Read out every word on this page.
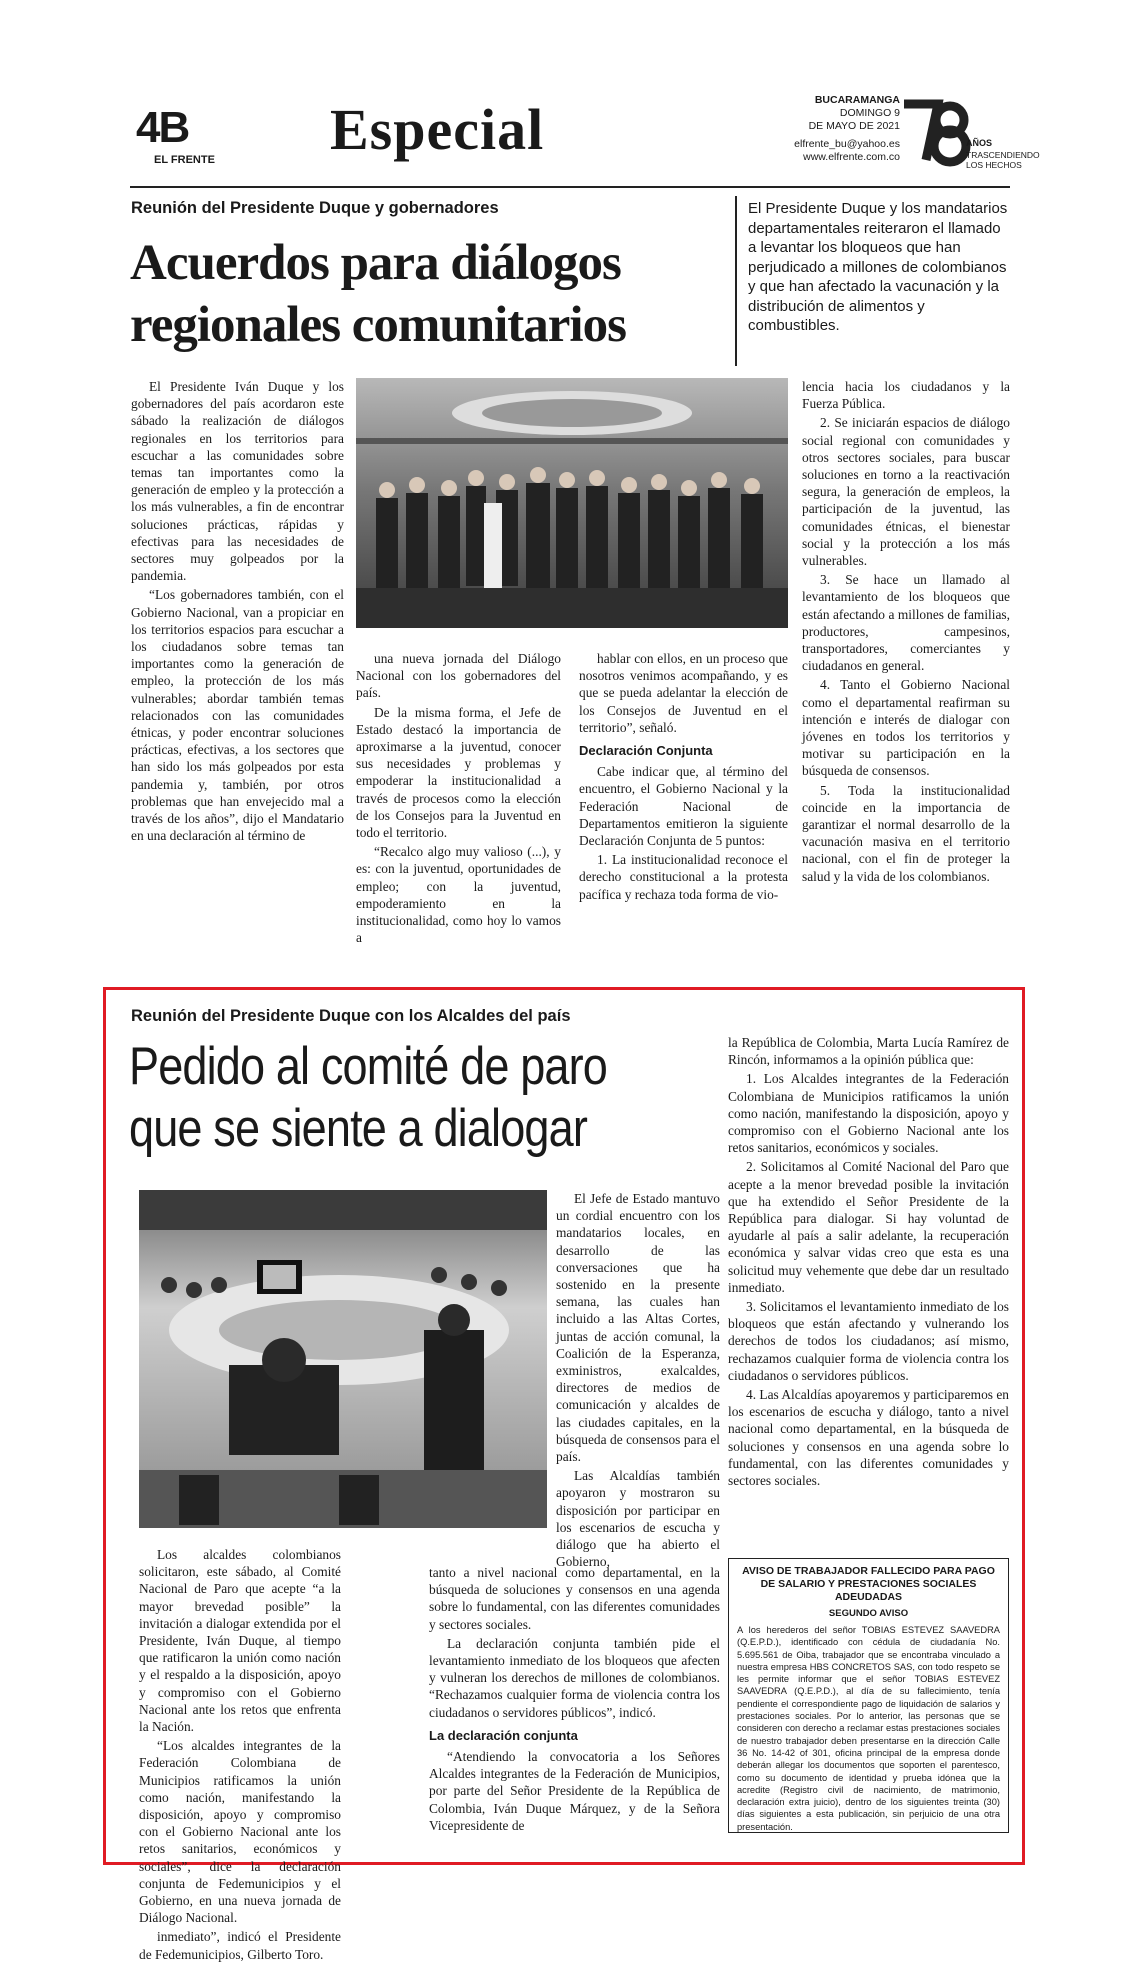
4B
EL FRENTE Especial	BUCARAMANGA
DOMINGO 9
DE MAYO DE 2021
elfrente_bu@yahoo.es
www.elfrente.com.co
AÑOS
TRASCENDIENDO
LOS HECHOS
Reunión del Presidente Duque y gobernadores
Acuerdos para diálogos
regionales comunitarios
El Presidente Duque y los mandatarios departamentales reiteraron el llamado a levantar los bloqueos que han perjudicado a millones de colombianos y que han afectado la vacunación y la distribución de alimentos y combustibles.

El Presidente Iván Duque y los gobernadores del país acordaron este sábado la realización de diálogos regionales en los territorios para escuchar a las comunidades sobre temas tan importantes como la generación de empleo y la protección a los más vulnerables, a fin de encontrar soluciones prácticas, rápidas y efectivas para las necesidades de sectores muy golpeados por la pandemia.

“Los gobernadores también, con el Gobierno Nacional, van a propiciar en los territorios espacios para escuchar a los ciudadanos sobre temas tan importantes como la generación de empleo, la protección de los más vulnerables; abordar también temas relacionados con las comunidades étnicas, y poder encontrar soluciones prácticas, efectivas, a los sectores que han sido los más golpeados por esta pandemia y, también, por otros problemas que han envejecido mal a través de los años”, dijo el Mandatario en una declaración al término de

una nueva jornada del Diálogo Nacional con los gobernadores del país.

De la misma forma, el Jefe de Estado destacó la importancia de aproximarse a la juventud, conocer sus necesidades y problemas y empoderar la institucionalidad a través de procesos como la elección de los Consejos para la Juventud en todo el territorio.

“Recalco algo muy valioso (...), y es: con la juventud, oportunidades de empleo; con la juventud, empoderamiento en la institucionalidad, como hoy lo vamos a

hablar con ellos, en un proceso que nosotros venimos acompañando, y es que se pueda adelantar la elección de los Consejos de Juventud en el territorio”, señaló.

Declaración Conjunta

Cabe indicar que, al término del encuentro, el Gobierno Nacional y la Federación Nacional de Departamentos emitieron la siguiente Declaración Conjunta de 5 puntos:

1. La institucionalidad reconoce el derecho constitucional a la protesta pacífica y rechaza toda forma de vio-

lencia hacia los ciudadanos y la Fuerza Pública.

2. Se iniciarán espacios de diálogo social regional con comunidades y otros sectores sociales, para buscar soluciones en torno a la reactivación segura, la generación de empleos, la participación de la juventud, las comunidades étnicas, el bienestar social y la protección a los más vulnerables.

3. Se hace un llamado al levantamiento de los bloqueos que están afectando a millones de familias, productores, campesinos, transportadores, comerciantes y ciudadanos en general.

4. Tanto el Gobierno Nacional como el departamental reafirman su intención e interés de dialogar con jóvenes en todos los territorios y motivar su participación en la búsqueda de consensos.

5. Toda la institucionalidad coincide en la importancia de garantizar el normal desarrollo de la vacunación masiva en el territorio nacional, con el fin de proteger la salud y la vida de los colombianos.

Reunión del Presidente Duque con los Alcaldes del país
Pedido al comité de paro
que se siente a dialogar

El Jefe de Estado mantuvo un cordial encuentro con los mandatarios locales, en desarrollo de las conversaciones que ha sostenido en la presente semana, las cuales han incluido a las Altas Cortes, juntas de acción comunal, la Coalición de la Esperanza, exministros, exalcaldes, directores de medios de comunicación y alcaldes de las ciudades capitales, en la búsqueda de consensos para el país.

Las Alcaldías también apoyaron y mostraron su disposición por participar en los escenarios de escucha y diálogo que ha abierto el Gobierno,

Los alcaldes colombianos solicitaron, este sábado, al Comité Nacional de Paro que acepte “a la mayor brevedad posible” la invitación a dialogar extendida por el Presidente, Iván Duque, al tiempo que ratificaron la unión como nación y el respaldo a la disposición, apoyo y compromiso con el Gobierno Nacional ante los retos que enfrenta la Nación.

“Los alcaldes integrantes de la Federación Colombiana de Municipios ratificamos la unión como nación, manifestando la disposición, apoyo y compromiso con el Gobierno Nacional ante los retos sanitarios, económicos y sociales”, dice la declaración conjunta de Fedemunicipios y el Gobierno, en una nueva jornada de Diálogo Nacional.

inmediato”, indicó el Presidente de Fedemunicipios, Gilberto Toro.

tanto a nivel nacional como departamental, en la búsqueda de soluciones y consensos en una agenda sobre lo fundamental, con las diferentes comunidades y sectores sociales.

La declaración conjunta también pide el levantamiento inmediato de los bloqueos que afecten y vulneran los derechos de millones de colombianos. “Rechazamos cualquier forma de violencia contra los ciudadanos o servidores públicos”, indicó.

La declaración conjunta

“Atendiendo la convocatoria a los Señores Alcaldes integrantes de la Federación de Municipios, por parte del Señor Presidente de la República de Colombia, Iván Duque Márquez, y de la Señora Vicepresidente de

la República de Colombia, Marta Lucía Ramírez de Rincón, informamos a la opinión pública que:

1. Los Alcaldes integrantes de la Federación Colombiana de Municipios ratificamos la unión como nación, manifestando la disposición, apoyo y compromiso con el Gobierno Nacional ante los retos sanitarios, económicos y sociales.

2. Solicitamos al Comité Nacional del Paro que acepte a la menor brevedad posible la invitación que ha extendido el Señor Presidente de la República para dialogar. Si hay voluntad de ayudarle al país a salir adelante, la recuperación económica y salvar vidas creo que esta es una solicitud muy vehemente que debe dar un resultado inmediato.

3. Solicitamos el levantamiento inmediato de los bloqueos que están afectando y vulnerando los derechos de todos los ciudadanos; así mismo, rechazamos cualquier forma de violencia contra los ciudadanos o servidores públicos.

4. Las Alcaldías apoyaremos y participaremos en los escenarios de escucha y diálogo, tanto a nivel nacional como departamental, en la búsqueda de soluciones y consensos en una agenda sobre lo fundamental, con las diferentes comunidades y sectores sociales.

AVISO DE TRABAJADOR FALLECIDO PARA PAGO DE SALARIO Y PRESTACIONES SOCIALES ADEUDADAS
SEGUNDO AVISO
A los herederos del señor TOBIAS ESTEVEZ SAAVEDRA (Q.E.P.D.), identificado con cédula de ciudadanía No. 5.695.561 de Oiba, trabajador que se encontraba vinculado a nuestra empresa HBS CONCRETOS SAS, con todo respeto se les permite informar que el señor TOBIAS ESTEVEZ SAAVEDRA (Q.E.P.D.), al día de su fallecimiento, tenía pendiente el correspondiente pago de liquidación de salarios y prestaciones sociales. Por lo anterior, las personas que se consideren con derecho a reclamar estas prestaciones sociales de nuestro trabajador deben presentarse en la dirección Calle 36 No. 14-42 of 301, oficina principal de la empresa donde deberán allegar los documentos que soporten el parentesco, como su documento de identidad y prueba idónea que la acredite (Registro civil de nacimiento, de matrimonio, declaración extra juicio), dentro de los siguientes treinta (30) días siguientes a esta publicación, sin perjuicio de una otra presentación.
